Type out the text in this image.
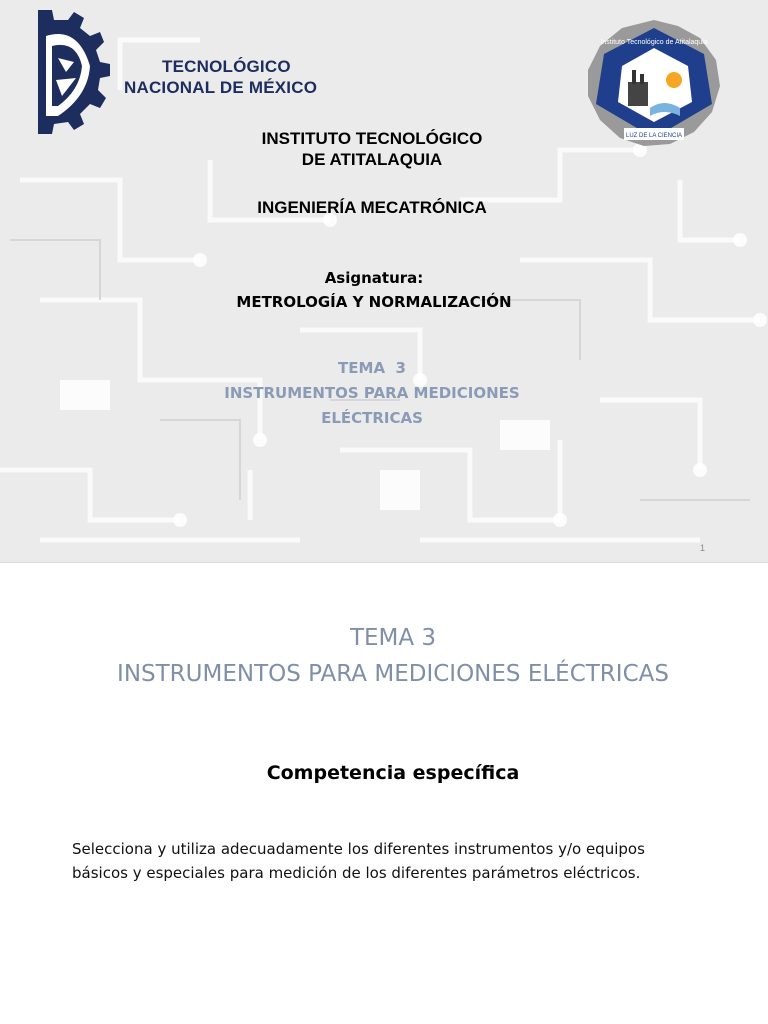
TECNOLÓGICO
NACIONAL DE MÉXICO
LUZ DE LA CIENCIA
Instituto Tecnológico de Atitalaquia
INSTITUTO TECNOLÓGICO
DE ATITALAQUIA
INGENIERÍA MECATRÓNICA
Asignatura:
METROLOGÍA Y NORMALIZACIÓN
TEMA  3
INSTRUMENTOS PARA MEDICIONES
ELÉCTRICAS
1
TEMA 3
INSTRUMENTOS PARA MEDICIONES ELÉCTRICAS
Competencia específica
Selecciona y utiliza adecuadamente los diferentes instrumentos y/o equipos
básicos y especiales para medición de los diferentes parámetros eléctricos.
